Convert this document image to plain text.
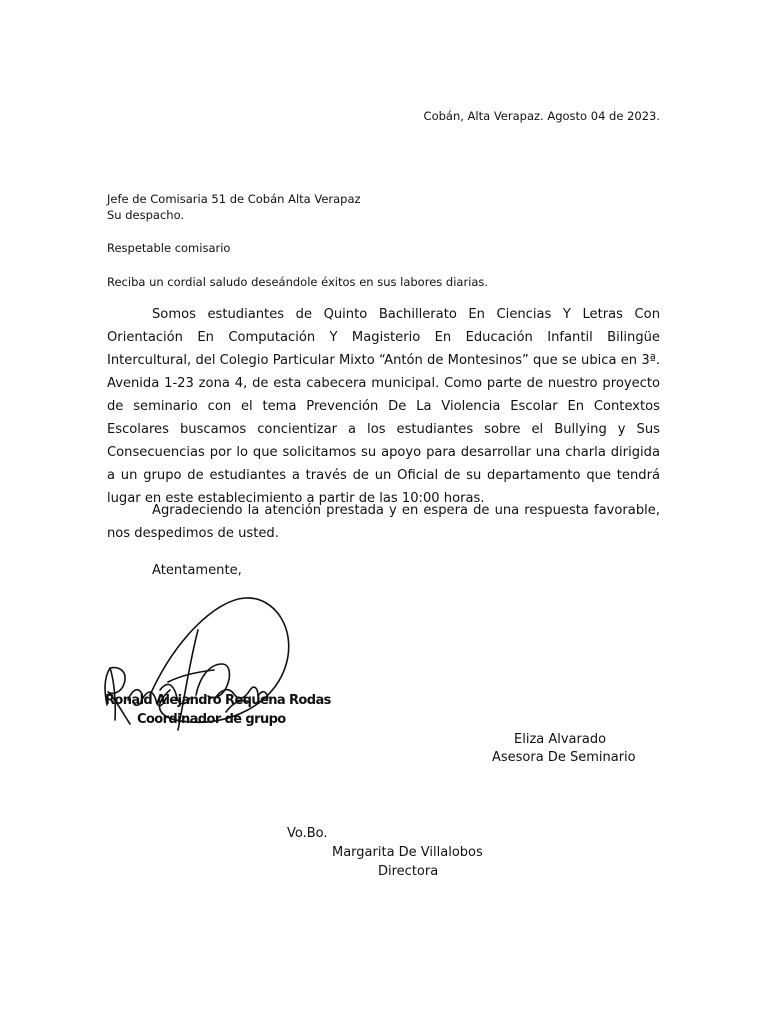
Cobán, Alta Verapaz. Agosto 04 de 2023.
Jefe de Comisaria 51 de Cobán Alta Verapaz
Su despacho.
Respetable comisario
Reciba un cordial saludo deseándole éxitos en sus labores diarias.

Somos estudiantes de Quinto Bachillerato En Ciencias Y Letras Con Orientación En Computación Y Magisterio En Educación Infantil Bilingüe Intercultural, del Colegio Particular Mixto “Antón de Montesinos” que se ubica en 3ª. Avenida 1-23 zona 4, de esta cabecera municipal. Como parte de nuestro proyecto de seminario con el tema Prevención De La Violencia Escolar En Contextos Escolares buscamos concientizar a los estudiantes sobre el Bullying y Sus Consecuencias por lo que solicitamos su apoyo para desarrollar una charla dirigida a un grupo de estudiantes a través de un Oficial de su departamento que tendrá lugar en este establecimiento a partir de las 10:00 horas.

Agradeciendo la atención prestada y en espera de una respuesta favorable, nos despedimos de usted.

Atentamente,
Ronald Alejandro Requena Rodas
Coordinador de grupo
Eliza Alvarado
Asesora De Seminario
Vo.Bo.
Margarita De Villalobos
Directora
